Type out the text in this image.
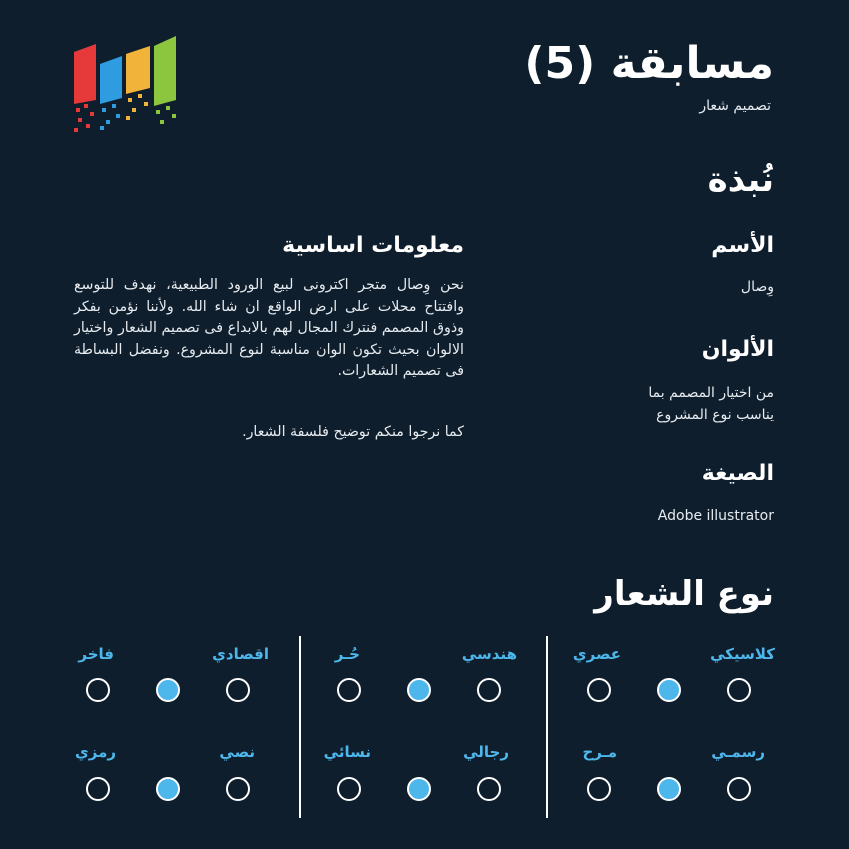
مسابقة (5)
تصميم شعار
نُبذة
الأسم
وِصال
الألوان
من اختيار المصمم بما
يناسب نوع المشروع
الصيغة
Adobe illustrator
معلومات اساسية
نحن وِصال متجر اكترونى لبيع الورود الطبيعية، نهدف للتوسع وافتتاح محلات على ارض الواقع ان شاء الله. ولأننا نؤمن بفكر وذوق المصمم فنترك المجال لهم بالابداع فى تصميم الشعار واختيار الالوان بحيث تكون الوان مناسبة لنوع المشروع. ونفضل البساطة فى تصميم الشعارات.
كما نرجوا منكم توضيح فلسفة الشعار.
نوع الشعار
كلاسيكي
عصري
رسمـي
مـرح
هندسي
حُـر
رجالي
نسائي
اقصادي
فاخر
نصي
رمزي
